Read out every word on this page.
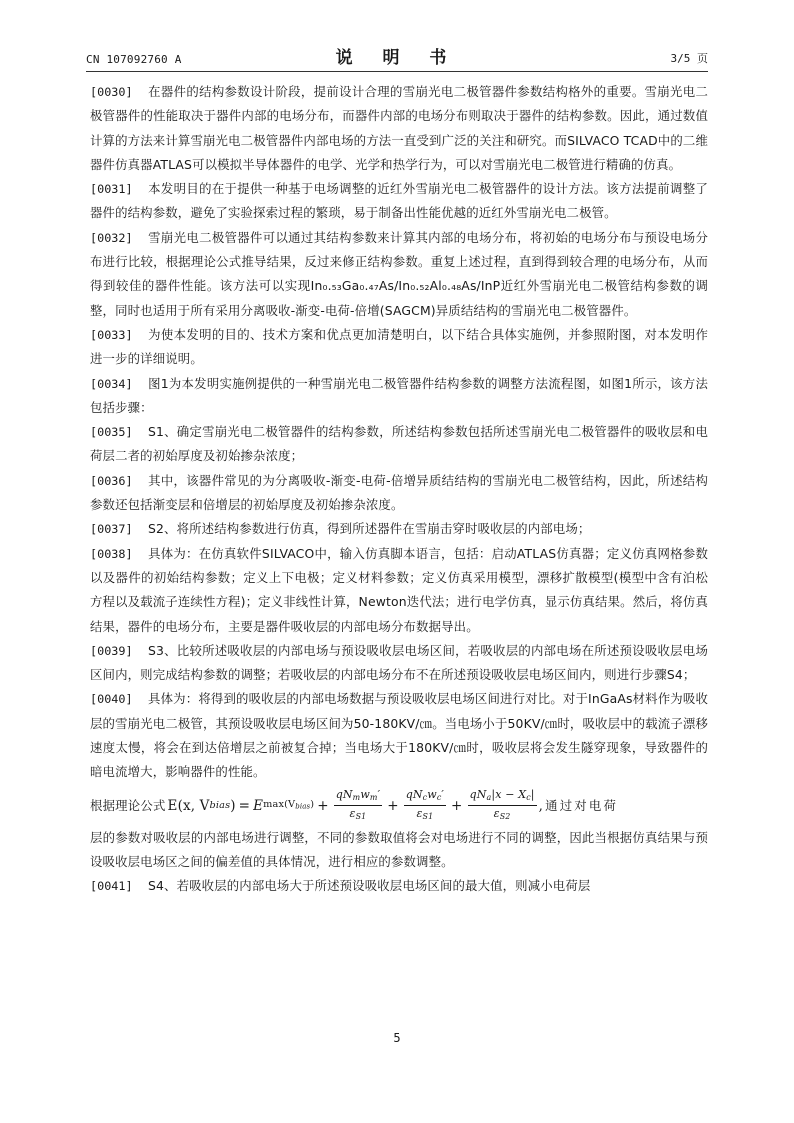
CN 107092760 A	说 明 书	3/5 页

[0030] 在器件的结构参数设计阶段，提前设计合理的雪崩光电二极管器件参数结构格外的重要。雪崩光电二极管器件的性能取决于器件内部的电场分布，而器件内部的电场分布则取决于器件的结构参数。因此，通过数值计算的方法来计算雪崩光电二极管器件内部电场的方法一直受到广泛的关注和研究。而SILVACO TCAD中的二维器件仿真器ATLAS可以模拟半导体器件的电学、光学和热学行为，可以对雪崩光电二极管进行精确的仿真。

[0031] 本发明目的在于提供一种基于电场调整的近红外雪崩光电二极管器件的设计方法。该方法提前调整了器件的结构参数，避免了实验探索过程的繁琐，易于制备出性能优越的近红外雪崩光电二极管。

[0032] 雪崩光电二极管器件可以通过其结构参数来计算其内部的电场分布，将初始的电场分布与预设电场分布进行比较，根据理论公式推导结果，反过来修正结构参数。重复上述过程，直到得到较合理的电场分布，从而得到较佳的器件性能。该方法可以实现In₀.₅₃Ga₀.₄₇As/In₀.₅₂Al₀.₄₈As/InP近红外雪崩光电二极管结构参数的调整，同时也适用于所有采用分离吸收-渐变-电荷-倍增(SAGCM)异质结结构的雪崩光电二极管器件。

[0033] 为使本发明的目的、技术方案和优点更加清楚明白，以下结合具体实施例，并参照附图，对本发明作进一步的详细说明。

[0034] 图1为本发明实施例提供的一种雪崩光电二极管器件结构参数的调整方法流程图，如图1所示，该方法包括步骤：

[0035] S1、确定雪崩光电二极管器件的结构参数，所述结构参数包括所述雪崩光电二极管器件的吸收层和电荷层二者的初始厚度及初始掺杂浓度；

[0036] 其中，该器件常见的为分离吸收-渐变-电荷-倍增异质结结构的雪崩光电二极管结构，因此，所述结构参数还包括渐变层和倍增层的初始厚度及初始掺杂浓度。

[0037] S2、将所述结构参数进行仿真，得到所述器件在雪崩击穿时吸收层的内部电场；

[0038] 具体为：在仿真软件SILVACO中，输入仿真脚本语言，包括：启动ATLAS仿真器；定义仿真网格参数以及器件的初始结构参数；定义上下电极；定义材料参数；定义仿真采用模型，漂移扩散模型(模型中含有泊松方程以及载流子连续性方程)；定义非线性计算，Newton迭代法；进行电学仿真，显示仿真结果。然后，将仿真结果，器件的电场分布，主要是器件吸收层的内部电场分布数据导出。

[0039] S3、比较所述吸收层的内部电场与预设吸收层电场区间，若吸收层的内部电场在所述预设吸收层电场区间内，则完成结构参数的调整；若吸收层的内部电场分布不在所述预设吸收层电场区间内，则进行步骤S4；

[0040] 具体为：将得到的吸收层的内部电场数据与预设吸收层电场区间进行对比。对于InGaAs材料作为吸收层的雪崩光电二极管，其预设吸收层电场区间为50-180KV/㎝。当电场小于50KV/㎝时，吸收层中的载流子漂移速度太慢，将会在到达倍增层之前被复合掉；当电场大于180KV/㎝时，吸收层将会发生隧穿现象，导致器件的暗电流增大，影响器件的性能。

根据理论公式 E (x, V bias ) = E $\max(V_{bias}) + \frac{qN_mw_m'}{\varepsilon_{S1}} + \frac{qN_cw_c'}{\varepsilon_{S1}} + \frac{qN_a|x - X_c|}{\varepsilon_{S2}}$ , 通过对电荷

层的参数对吸收层的内部电场进行调整，不同的参数取值将会对电场进行不同的调整，因此当根据仿真结果与预设吸收层电场区之间的偏差值的具体情况，进行相应的参数调整。

[0041] S4、若吸收层的内部电场大于所述预设吸收层电场区间的最大值，则减小电荷层

5
